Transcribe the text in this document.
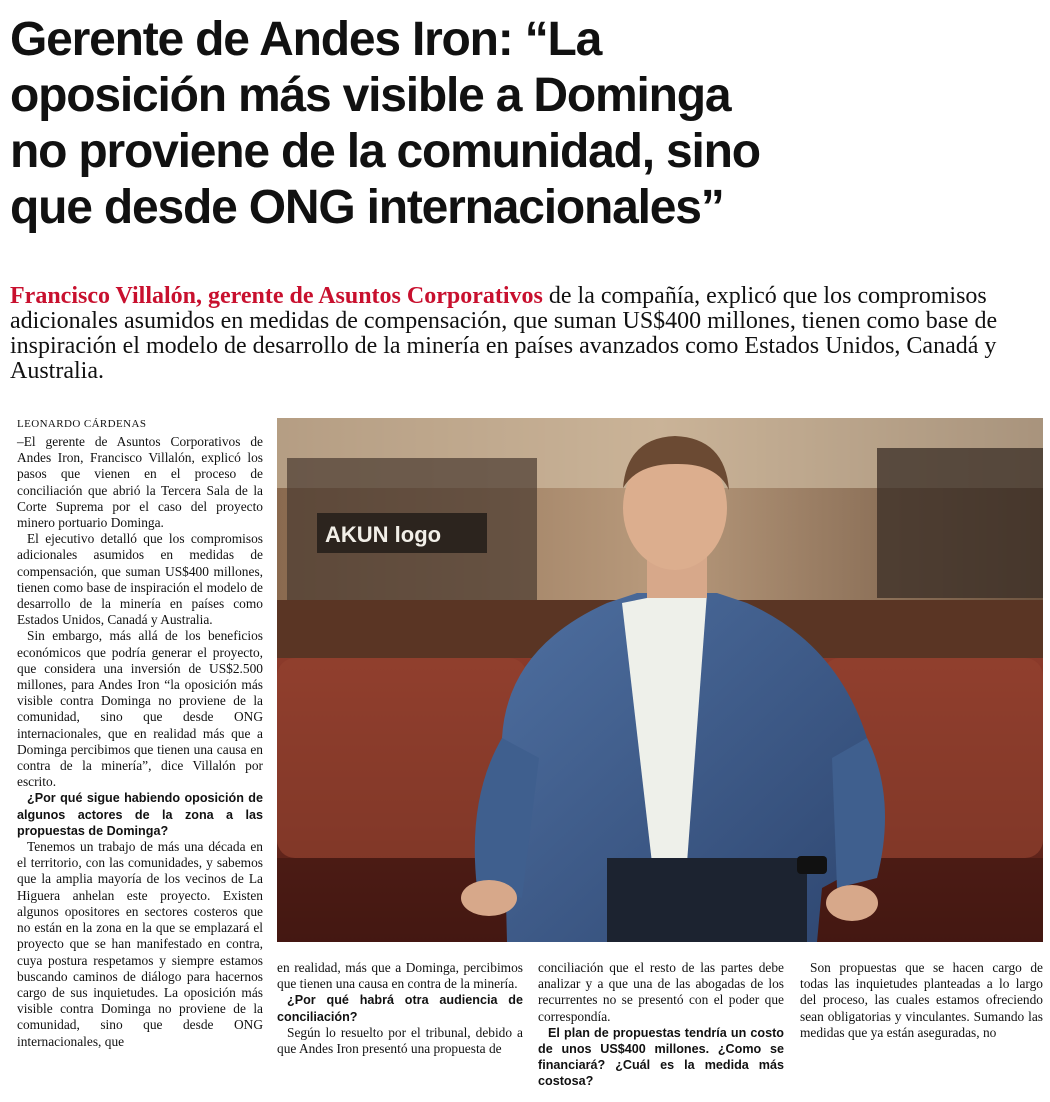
Gerente de Andes Iron: “La
oposición más visible a Dominga
no proviene de la comunidad, sino
que desde ONG internacionales”

Francisco Villalón, gerente de Asuntos Corporativos de la compañía, explicó que los compromisos adicionales asumidos en medidas de compensación, que suman US$400 millones, tienen como base de inspiración el modelo de desarrollo de la minería en países avanzados como Estados Unidos, Canadá y Australia.

LEONARDO CÁRDENAS

–El gerente de Asuntos Corporativos de Andes Iron, Francisco Villalón, explicó los pasos que vienen en el proceso de conciliación que abrió la Tercera Sala de la Corte Suprema por el caso del proyecto minero portuario Dominga.

El ejecutivo detalló que los compromisos adicionales asumidos en medidas de compensación, que suman US$400 millones, tienen como base de inspiración el modelo de desarrollo de la minería en países como Estados Unidos, Canadá y Australia.

Sin embargo, más allá de los beneficios económicos que podría generar el proyecto, que considera una inversión de US$2.500 millones, para Andes Iron “la oposición más visible contra Dominga no proviene de la comunidad, sino que desde ONG internacionales, que en realidad más que a Dominga percibimos que tienen una causa en contra de la minería”, dice Villalón por escrito.

¿Por qué sigue habiendo oposición de algunos actores de la zona a las propuestas de Dominga?

Tenemos un trabajo de más una década en el territorio, con las comunidades, y sabemos que la amplia mayoría de los vecinos de La Higuera anhelan este proyecto. Existen algunos opositores en sectores costeros que no están en la zona en la que se emplazará el proyecto que se han manifestado en contra, cuya postura respetamos y siempre estamos buscando caminos de diálogo para hacernos cargo de sus inquietudes. La oposición más visible contra Dominga no proviene de la comunidad, sino que desde ONG internacionales, que

AKUN logo

en realidad, más que a Dominga, percibimos que tienen una causa en contra de la minería.

¿Por qué habrá otra audiencia de conciliación?

Según lo resuelto por el tribunal, debido a que Andes Iron presentó una propuesta de

conciliación que el resto de las partes debe analizar y a que una de las abogadas de los recurrentes no se presentó con el poder que correspondía.

El plan de propuestas tendría un costo de unos US$400 millones. ¿Como se financiará? ¿Cuál es la medida más costosa?

Son propuestas que se hacen cargo de todas las inquietudes planteadas a lo largo del proceso, las cuales estamos ofreciendo sean obligatorias y vinculantes. Sumando las medidas que ya están aseguradas, no
